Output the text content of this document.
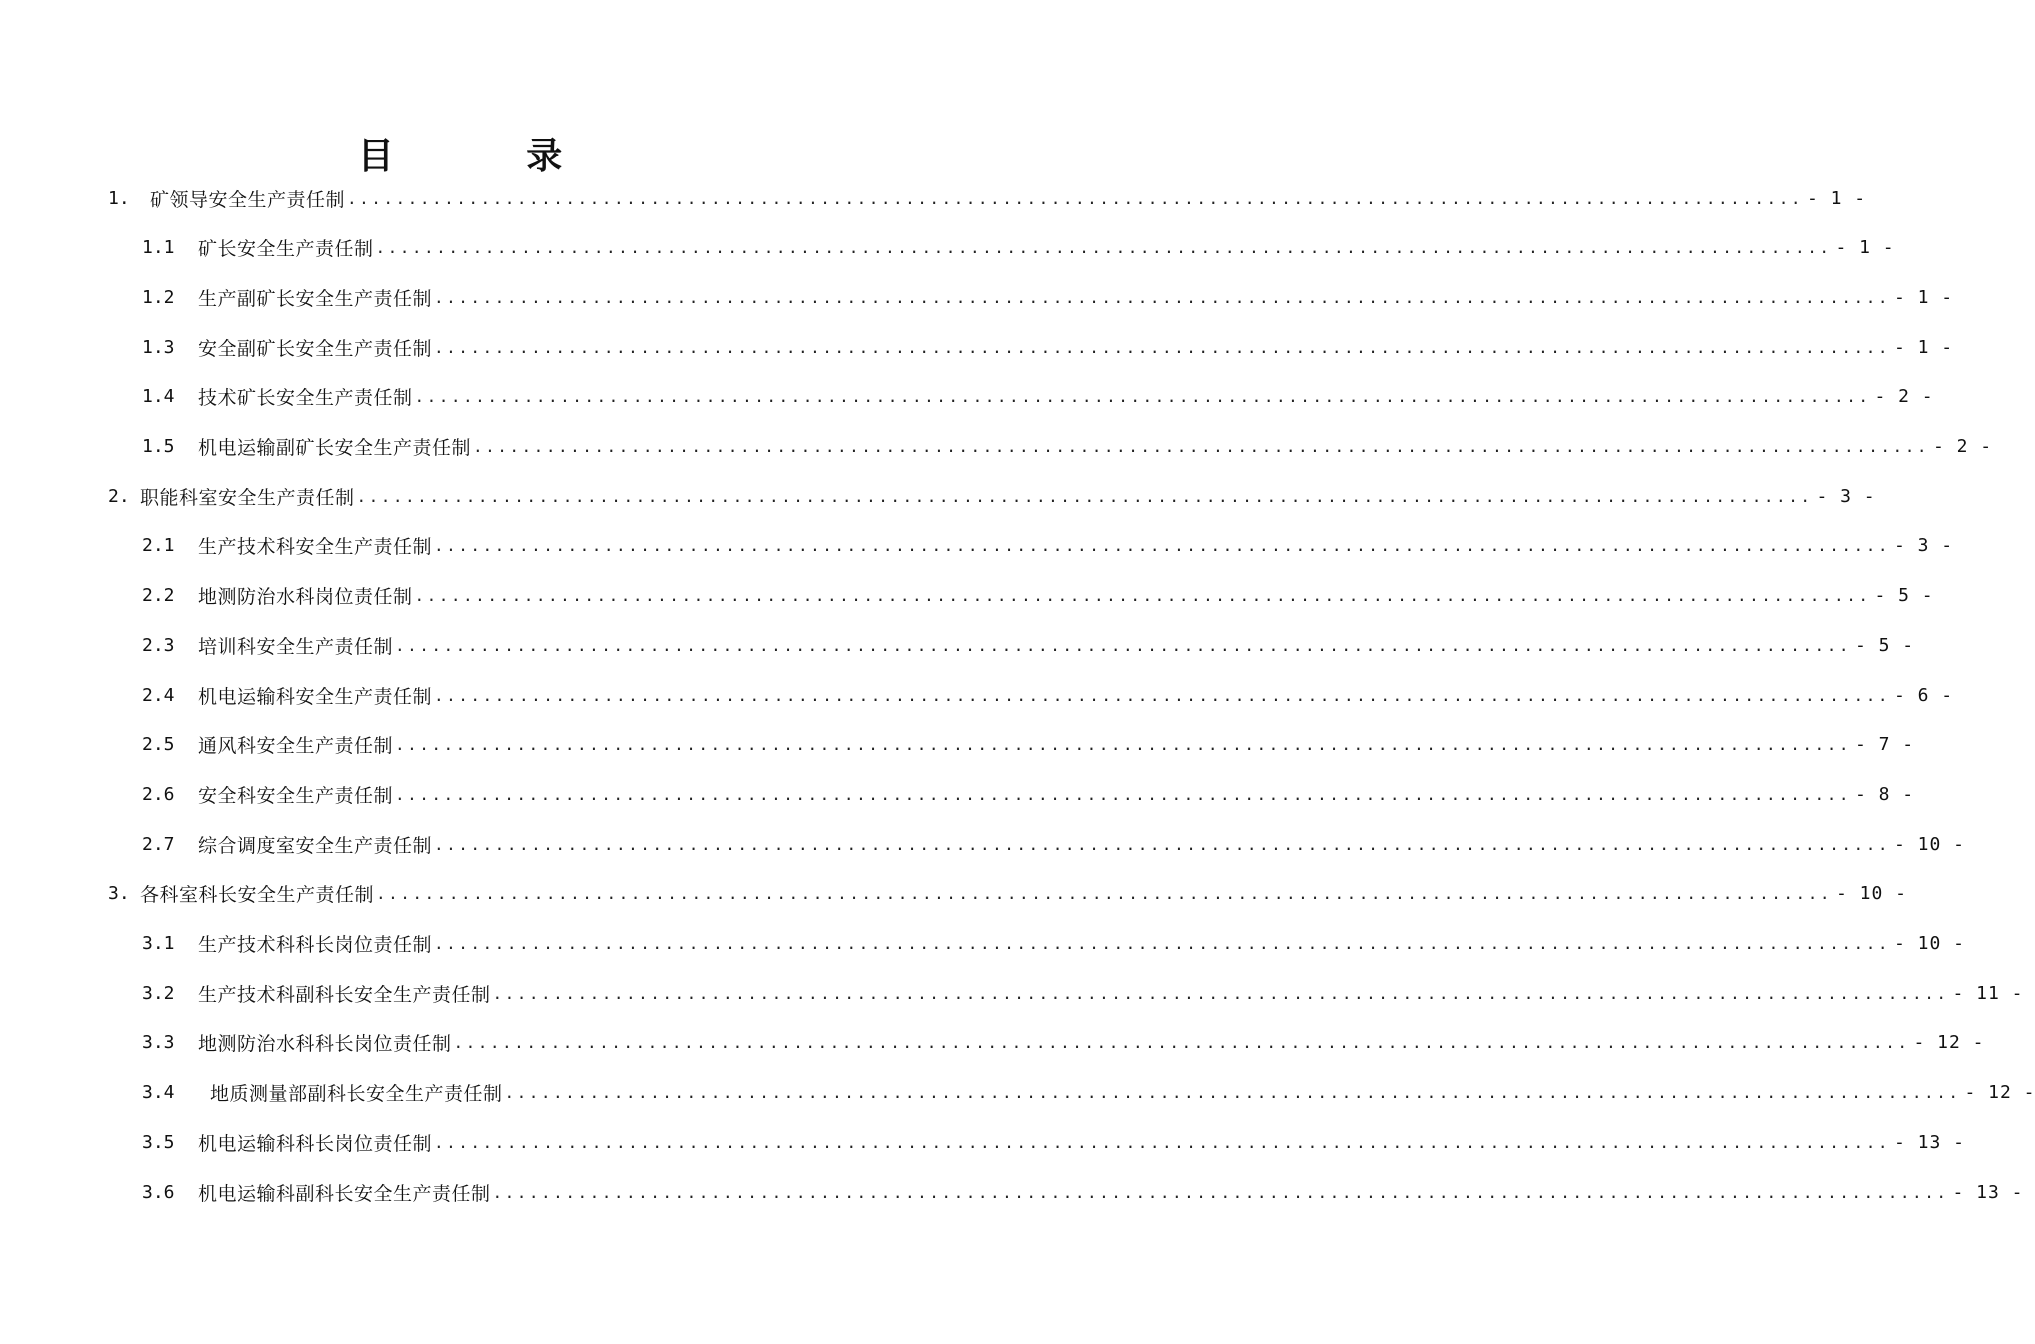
目 录
1.	矿领导安全生产责任制 ........................................................................................................................ - 1 -
1.1	矿长安全生产责任制 ........................................................................................................................ - 1 -
1.2	生产副矿长安全生产责任制 ........................................................................................................................ - 1 -
1.3	安全副矿长安全生产责任制 ........................................................................................................................ - 1 -
1.4	技术矿长安全生产责任制 ........................................................................................................................ - 2 -
1.5	机电运输副矿长安全生产责任制 ........................................................................................................................ - 2 -
2. 职能科室安全生产责任制 ........................................................................................................................ - 3 -
2.1	生产技术科安全生产责任制 ........................................................................................................................ - 3 -
2.2	地测防治水科岗位责任制 ........................................................................................................................ - 5 -
2.3	培训科安全生产责任制 ........................................................................................................................ - 5 -
2.4	机电运输科安全生产责任制 ........................................................................................................................ - 6 -
2.5	通风科安全生产责任制 ........................................................................................................................ - 7 -
2.6	安全科安全生产责任制 ........................................................................................................................ - 8 -
2.7	综合调度室安全生产责任制 ........................................................................................................................ - 10 -
3. 各科室科长安全生产责任制 ........................................................................................................................ - 10 -
3.1	生产技术科科长岗位责任制 ........................................................................................................................ - 10 -
3.2	生产技术科副科长安全生产责任制 ........................................................................................................................ - 11 -
3.3	地测防治水科科长岗位责任制 ........................................................................................................................ - 12 -
3.4	地质测量部副科长安全生产责任制 ........................................................................................................................ - 12 -
3.5	机电运输科科长岗位责任制 ........................................................................................................................ - 13 -
3.6	机电运输科副科长安全生产责任制 ........................................................................................................................ - 13 -
